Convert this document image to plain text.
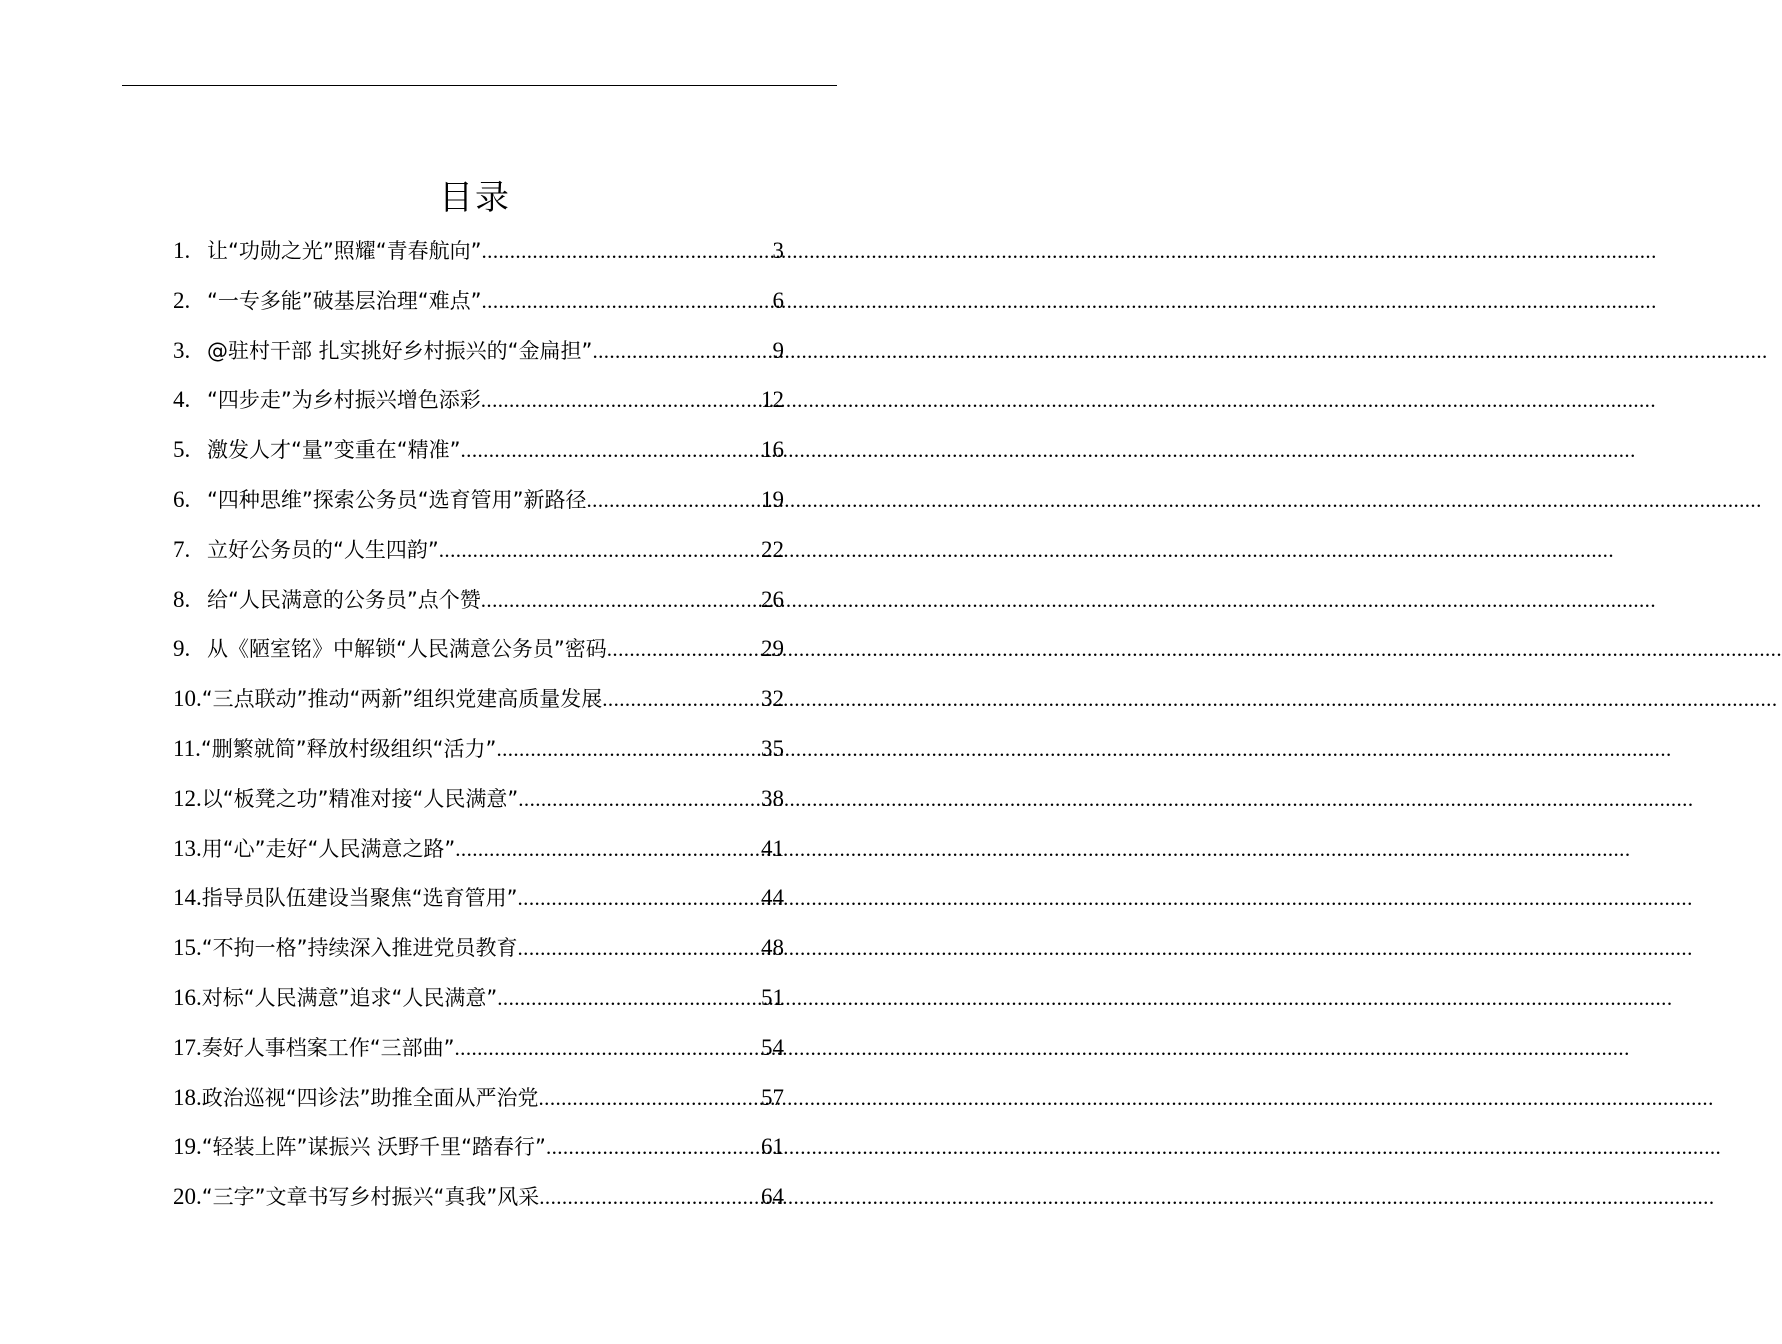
目录
1. 让“功勋之光”照耀“青春航向” .....	3
2. “一专多能”破基层治理“难点” .....	6
3. @驻村干部 扎实挑好乡村振兴的“金扁担” .....	9
4. “四步走”为乡村振兴增色添彩 .....	12
5. 激发人才“量”变重在“精准” .....	16
6. “四种思维”探索公务员“选育管用”新路径 .....	19
7. 立好公务员的“人生四韵” .....	22
8. 给“人民满意的公务员”点个赞 .....	26
9. 从《陋室铭》中解锁“人民满意公务员”密码 .....	29
10. “三点联动”推动“两新”组织党建高质量发展 .....	32
11. “删繁就简”释放村级组织“活力” .....	35
12. 以“板凳之功”精准对接“人民满意” .....	38
13. 用“心”走好“人民满意之路” .....	41
14. 指导员队伍建设当聚焦“选育管用” .....	44
15. “不拘一格”持续深入推进党员教育 .....	48
16. 对标“人民满意”追求“人民满意” .....	51
17. 奏好人事档案工作“三部曲” .....	54
18. 政治巡视“四诊法”助推全面从严治党 .....	57
19. “轻装上阵”谋振兴 沃野千里“踏春行” .....	61
20. “三字”文章书写乡村振兴“真我”风采 .....	64
